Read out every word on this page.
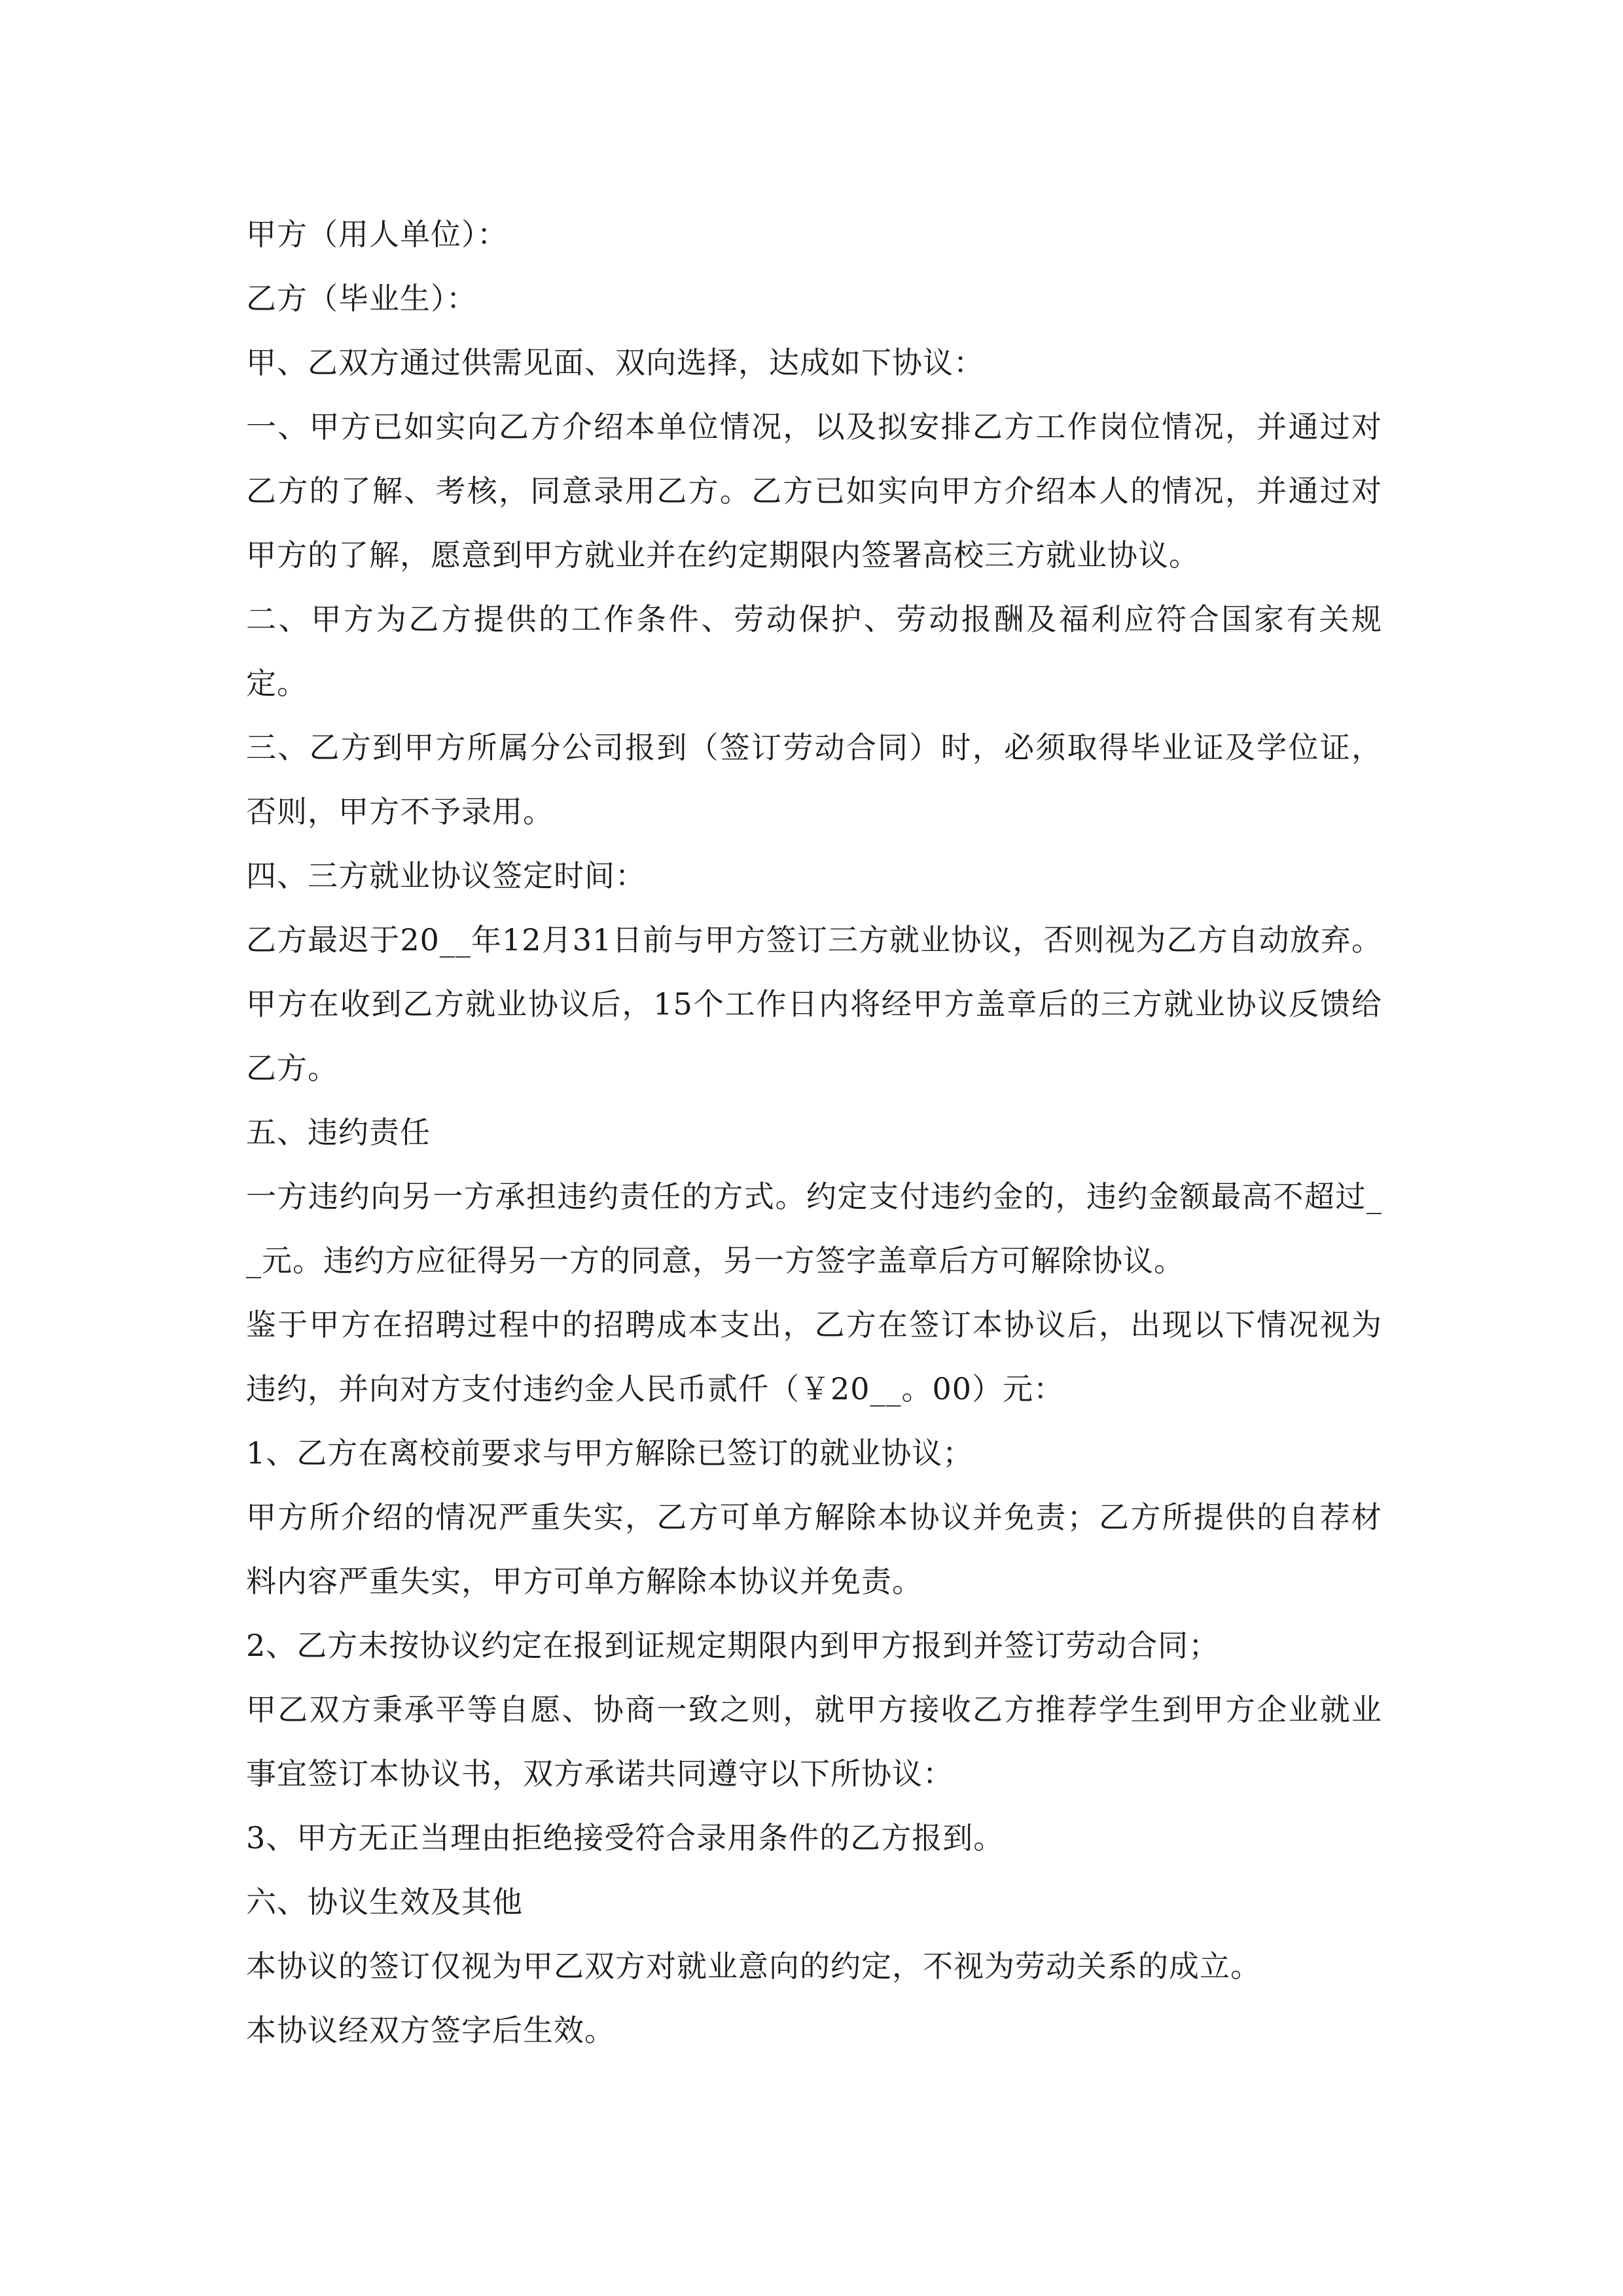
甲方（用人单位）：

乙方（毕业生）：

甲、乙双方通过供需见面、双向选择，达成如下协议：

一、甲方已如实向乙方介绍本单位情况，以及拟安排乙方工作岗位情况，并通过对乙方的了解、考核，同意录用乙方。乙方已如实向甲方介绍本人的情况，并通过对甲方的了解，愿意到甲方就业并在约定期限内签署高校三方就业协议。

二、甲方为乙方提供的工作条件、劳动保护、劳动报酬及福利应符合国家有关规定。

三、乙方到甲方所属分公司报到（签订劳动合同）时，必须取得毕业证及学位证，否则，甲方不予录用。

四、三方就业协议签定时间：

乙方最迟于20__年12月31日前与甲方签订三方就业协议，否则视为乙方自动放弃。甲方在收到乙方就业协议后，15个工作日内将经甲方盖章后的三方就业协议反馈给乙方。

五、违约责任

一方违约向另一方承担违约责任的方式。约定支付违约金的，违约金额最高不超过__元。违约方应征得另一方的同意，另一方签字盖章后方可解除协议。

鉴于甲方在招聘过程中的招聘成本支出，乙方在签订本协议后，出现以下情况视为违约，并向对方支付违约金人民币贰仟（￥20__。00）元：

1、乙方在离校前要求与甲方解除已签订的就业协议；

甲方所介绍的情况严重失实，乙方可单方解除本协议并免责；乙方所提供的自荐材料内容严重失实，甲方可单方解除本协议并免责。

2、乙方未按协议约定在报到证规定期限内到甲方报到并签订劳动合同；

甲乙双方秉承平等自愿、协商一致之则，就甲方接收乙方推荐学生到甲方企业就业事宜签订本协议书，双方承诺共同遵守以下所协议：

3、甲方无正当理由拒绝接受符合录用条件的乙方报到。

六、协议生效及其他

本协议的签订仅视为甲乙双方对就业意向的约定，不视为劳动关系的成立。

本协议经双方签字后生效。
